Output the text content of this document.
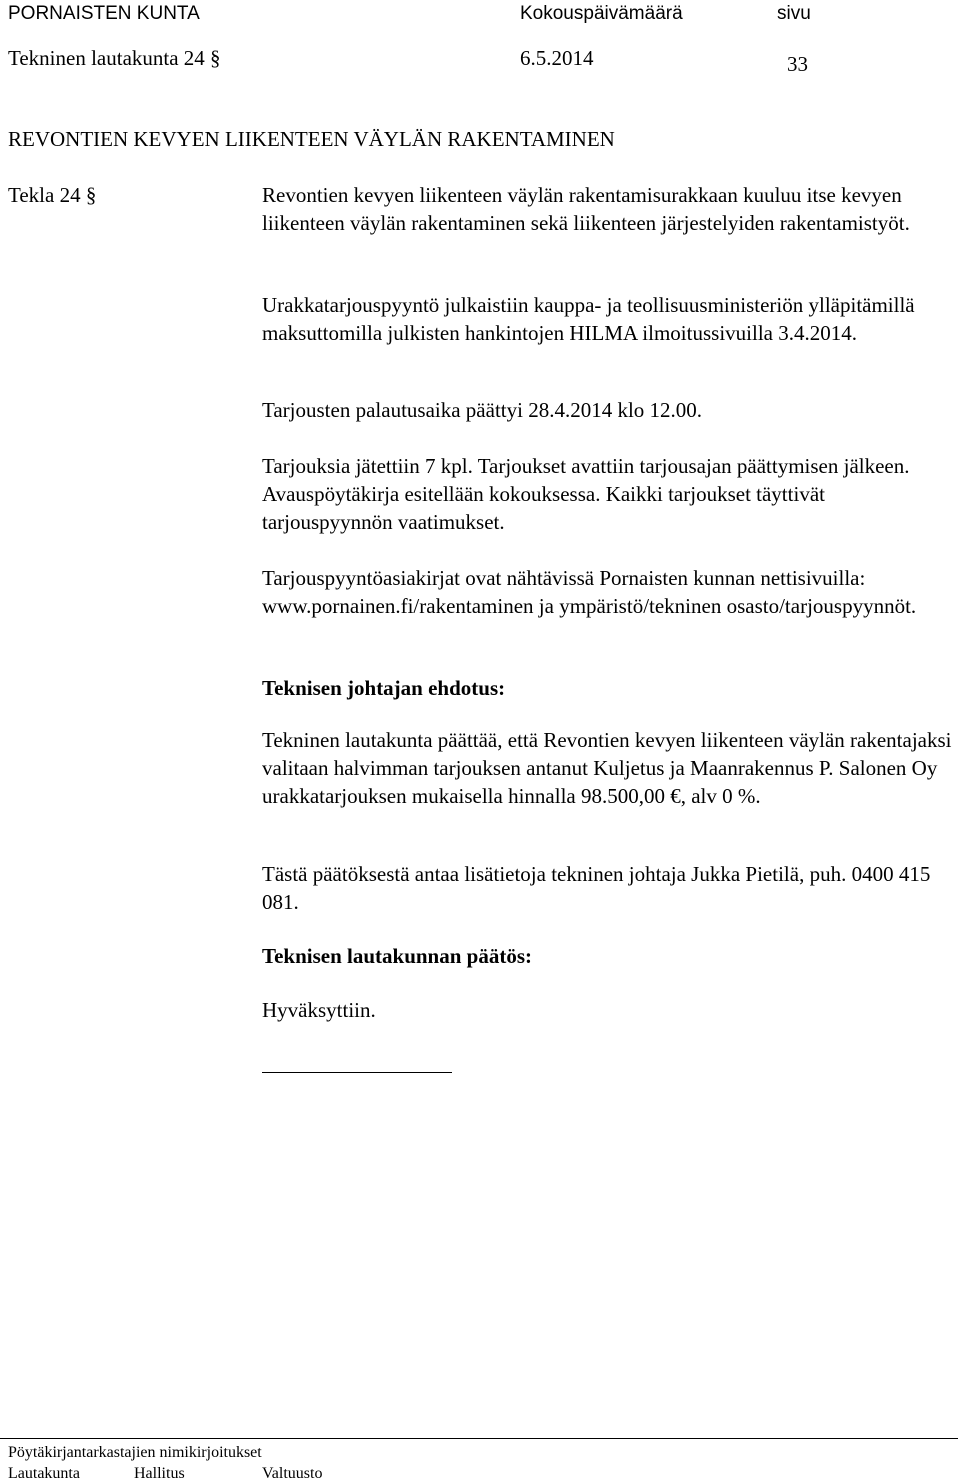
PORNAISTEN KUNTA	Kokouspäivämäärä	sivu
Tekninen lautakunta 24 §	6.5.2014	33
REVONTIEN KEVYEN LIIKENTEEN VÄYLÄN RAKENTAMINEN
Tekla 24 §	Revontien kevyen liikenteen väylän rakentamisurakkaan kuuluu itse kevyen liikenteen väylän rakentaminen sekä liikenteen järjestelyiden rakentamistyöt.
Urakkatarjouspyyntö julkaistiin kauppa- ja teollisuusministeriön ylläpitämillä maksuttomilla julkisten hankintojen HILMA ilmoitussivuilla 3.4.2014.
Tarjousten palautusaika päättyi 28.4.2014 klo 12.00.
Tarjouksia jätettiin 7 kpl. Tarjoukset avattiin tarjousajan päättymisen jälkeen. Avauspöytäkirja esitellään kokouksessa. Kaikki tarjoukset täyttivät tarjouspyynnön vaatimukset.
Tarjouspyyntöasiakirjat ovat nähtävissä Pornaisten kunnan nettisivuilla: www.pornainen.fi/rakentaminen ja ympäristö/tekninen osasto/tarjouspyynnöt.
Teknisen johtajan ehdotus:
Tekninen lautakunta päättää, että Revontien kevyen liikenteen väylän rakentajaksi valitaan halvimman tarjouksen antanut Kuljetus ja Maanrakennus P. Salonen Oy urakkatarjouksen mukaisella hinnalla 98.500,00 €, alv 0 %.
Tästä päätöksestä antaa lisätietoja tekninen johtaja Jukka Pietilä, puh. 0400 415 081.
Teknisen lautakunnan päätös:
Hyväksyttiin.
Pöytäkirjantarkastajien nimikirjoitukset
Lautakunta	Hallitus	Valtuusto
